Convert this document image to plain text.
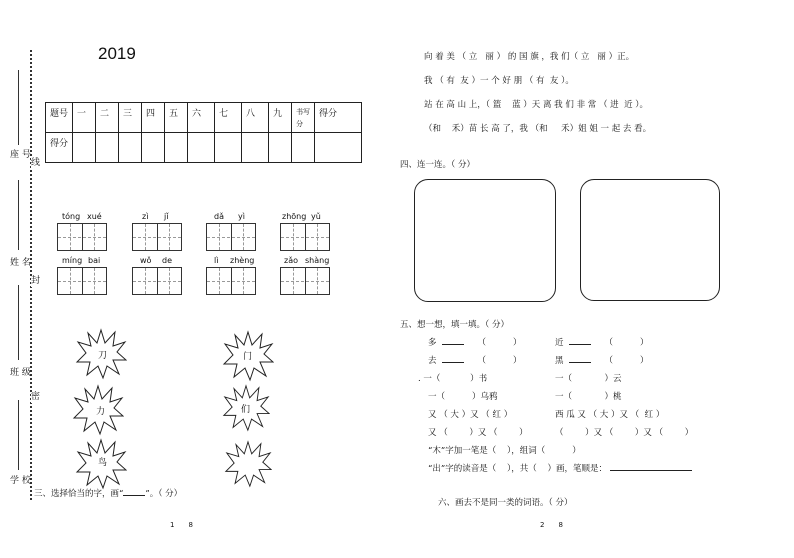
座 号
姓 名
班 级
学 校
线
封
密
2019
题号	一	二	三	四	五	六	七	八	九	书写分	得分
得分											
tóng xué	zì jǐ	dǎ yì	zhōng yǔ
míng bai	wǒ de	lì zhèng	zǎo shàng
刀
力
鸟
门
们
三、选择恰当的字，画“	”。（ 分）
1　　8
向 着 美 （ 立   丽 ） 的 国 旗 ，我 们（ 立   丽 ）正。
我 （ 有  友 ）一 个 好 朋 （ 有  友 ）。
站 在 高 山 上，（ 篮    蓝 ）天 离 我 们 非 常 （ 进  近 ）。
（和    禾）苗 长 高 了，我 （和     禾）姐 姐 一 起 去 看。
四、连一连。（ 分）
五、想一想，填一填。（ 分）
多	（	）	近	（	）
去	（	）	黑	（	）
. 一（	）书	一（	）云
一（	）乌鸦	一（	）桃
又 （ 大 ）又 （ 红 ）	西 瓜 又 （ 大 ）又 （  红 ）
又 （        ）又 （        ）	（        ）又 （        ）又 （        ）
“木”字加一笔是（    ），组词（          ）
“出”字的读音是（    ），共（    ）画，笔顺是：
六、画去不是同一类的词语。（ 分）
2　　8
